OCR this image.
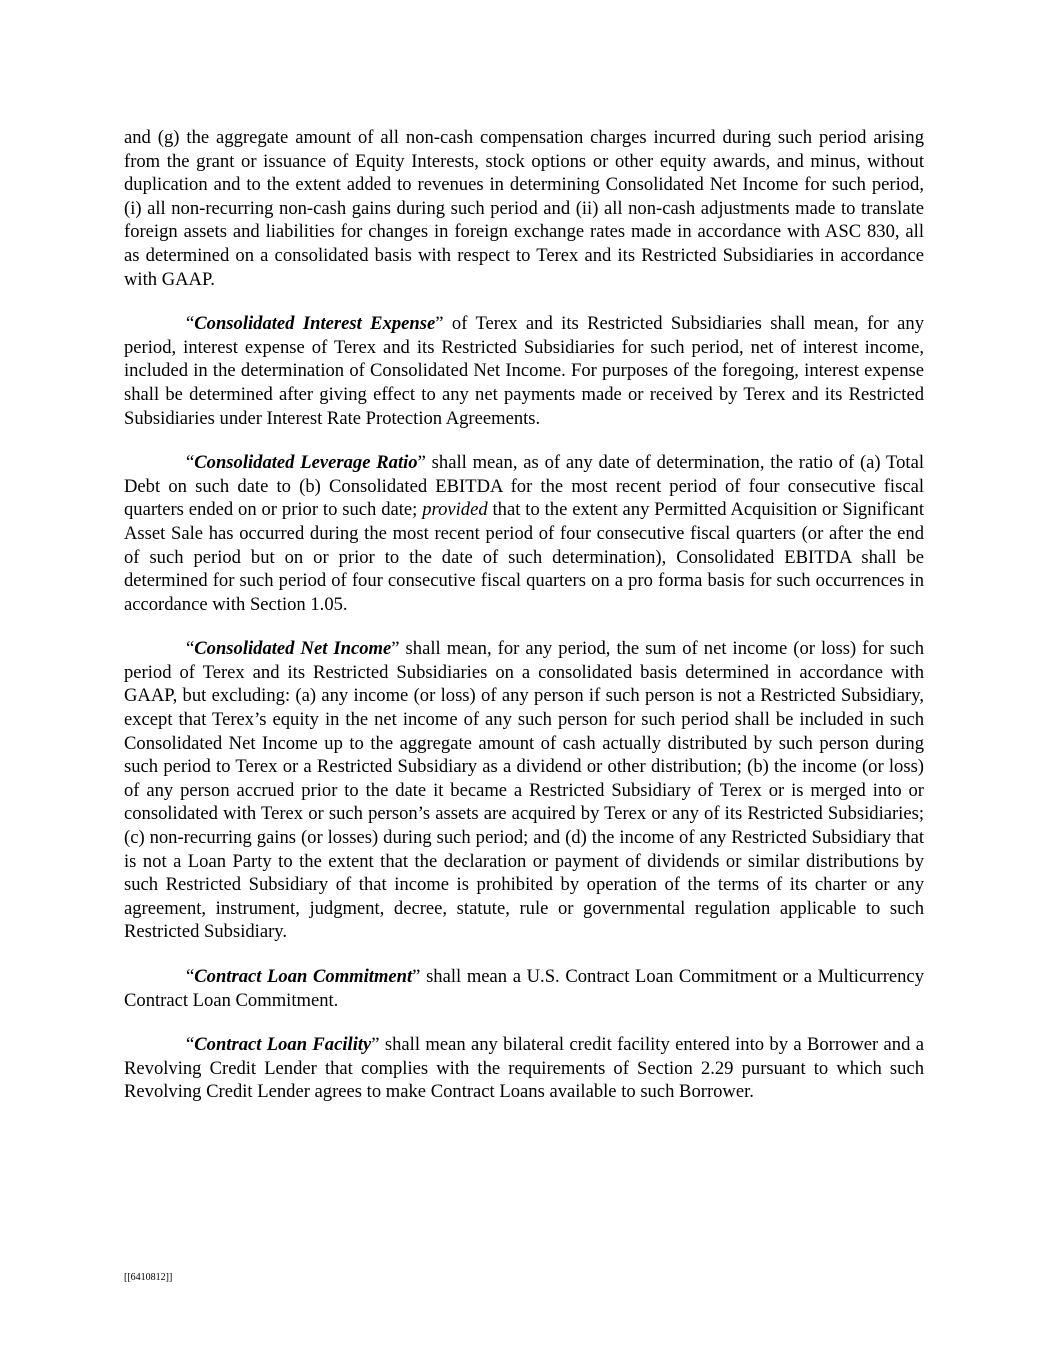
and (g) the aggregate amount of all non-cash compensation charges incurred during such period arising from the grant or issuance of Equity Interests, stock options or other equity awards, and minus, without duplication and to the extent added to revenues in determining Consolidated Net Income for such period, (i) all non-recurring non-cash gains during such period and (ii) all non-cash adjustments made to translate foreign assets and liabilities for changes in foreign exchange rates made in accordance with ASC 830, all as determined on a consolidated basis with respect to Terex and its Restricted Subsidiaries in accordance with GAAP.

“Consolidated Interest Expense” of Terex and its Restricted Subsidiaries shall mean, for any period, interest expense of Terex and its Restricted Subsidiaries for such period, net of interest income, included in the determination of Consolidated Net Income. For purposes of the foregoing, interest expense shall be determined after giving effect to any net payments made or received by Terex and its Restricted Subsidiaries under Interest Rate Protection Agreements.

“Consolidated Leverage Ratio” shall mean, as of any date of determination, the ratio of (a) Total Debt on such date to (b) Consolidated EBITDA for the most recent period of four consecutive fiscal quarters ended on or prior to such date; provided that to the extent any Permitted Acquisition or Significant Asset Sale has occurred during the most recent period of four consecutive fiscal quarters (or after the end of such period but on or prior to the date of such determination), Consolidated EBITDA shall be determined for such period of four consecutive fiscal quarters on a pro forma basis for such occurrences in accordance with Section 1.05.

“Consolidated Net Income” shall mean, for any period, the sum of net income (or loss) for such period of Terex and its Restricted Subsidiaries on a consolidated basis determined in accordance with GAAP, but excluding: (a) any income (or loss) of any person if such person is not a Restricted Subsidiary, except that Terex’s equity in the net income of any such person for such period shall be included in such Consolidated Net Income up to the aggregate amount of cash actually distributed by such person during such period to Terex or a Restricted Subsidiary as a dividend or other distribution; (b) the income (or loss) of any person accrued prior to the date it became a Restricted Subsidiary of Terex or is merged into or consolidated with Terex or such person’s assets are acquired by Terex or any of its Restricted Subsidiaries; (c) non-recurring gains (or losses) during such period; and (d) the income of any Restricted Subsidiary that is not a Loan Party to the extent that the declaration or payment of dividends or similar distributions by such Restricted Subsidiary of that income is prohibited by operation of the terms of its charter or any agreement, instrument, judgment, decree, statute, rule or governmental regulation applicable to such Restricted Subsidiary.

“Contract Loan Commitment” shall mean a U.S. Contract Loan Commitment or a Multicurrency Contract Loan Commitment.

“Contract Loan Facility” shall mean any bilateral credit facility entered into by a Borrower and a Revolving Credit Lender that complies with the requirements of Section 2.29 pursuant to which such Revolving Credit Lender agrees to make Contract Loans available to such Borrower.

[[6410812]]
